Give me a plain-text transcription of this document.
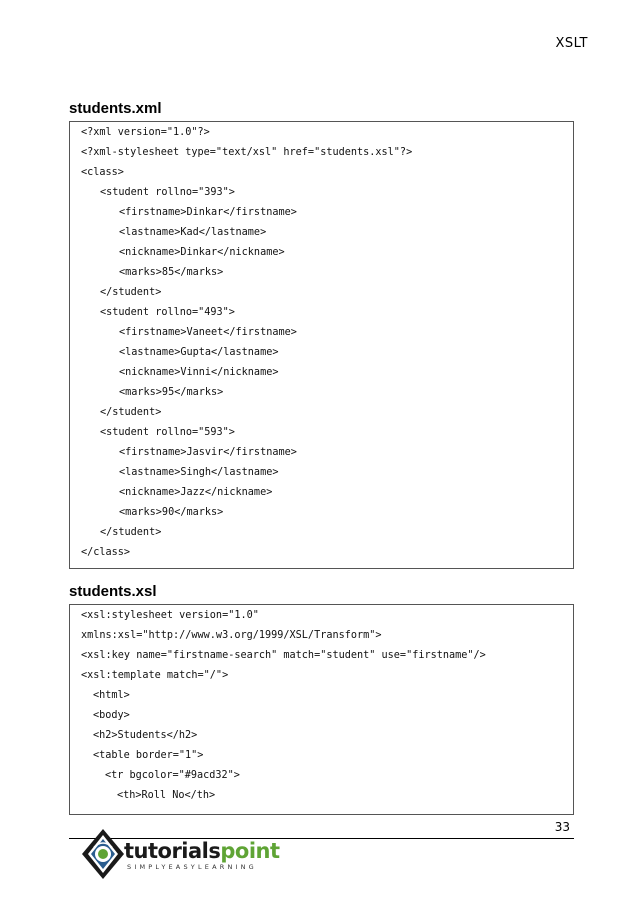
XSLT
students.xml
<?xml version="1.0"?>
<?xml-stylesheet type="text/xsl" href="students.xsl"?>
<class>
<student rollno="393">
<firstname>Dinkar</firstname>
<lastname>Kad</lastname>
<nickname>Dinkar</nickname>
<marks>85</marks>
</student>
<student rollno="493">
<firstname>Vaneet</firstname>
<lastname>Gupta</lastname>
<nickname>Vinni</nickname>
<marks>95</marks>
</student>
<student rollno="593">
<firstname>Jasvir</firstname>
<lastname>Singh</lastname>
<nickname>Jazz</nickname>
<marks>90</marks>
</student>
</class>
students.xsl
<xsl:stylesheet version="1.0"
xmlns:xsl="http://www.w3.org/1999/XSL/Transform">
<xsl:key name="firstname-search" match="student" use="firstname"/>
<xsl:template match="/">
<html>
<body>
<h2>Students</h2>
<table border="1">
<tr bgcolor="#9acd32">
<th>Roll No</th>
33
tutorialspoint
SIMPLYEASYLEARNING
